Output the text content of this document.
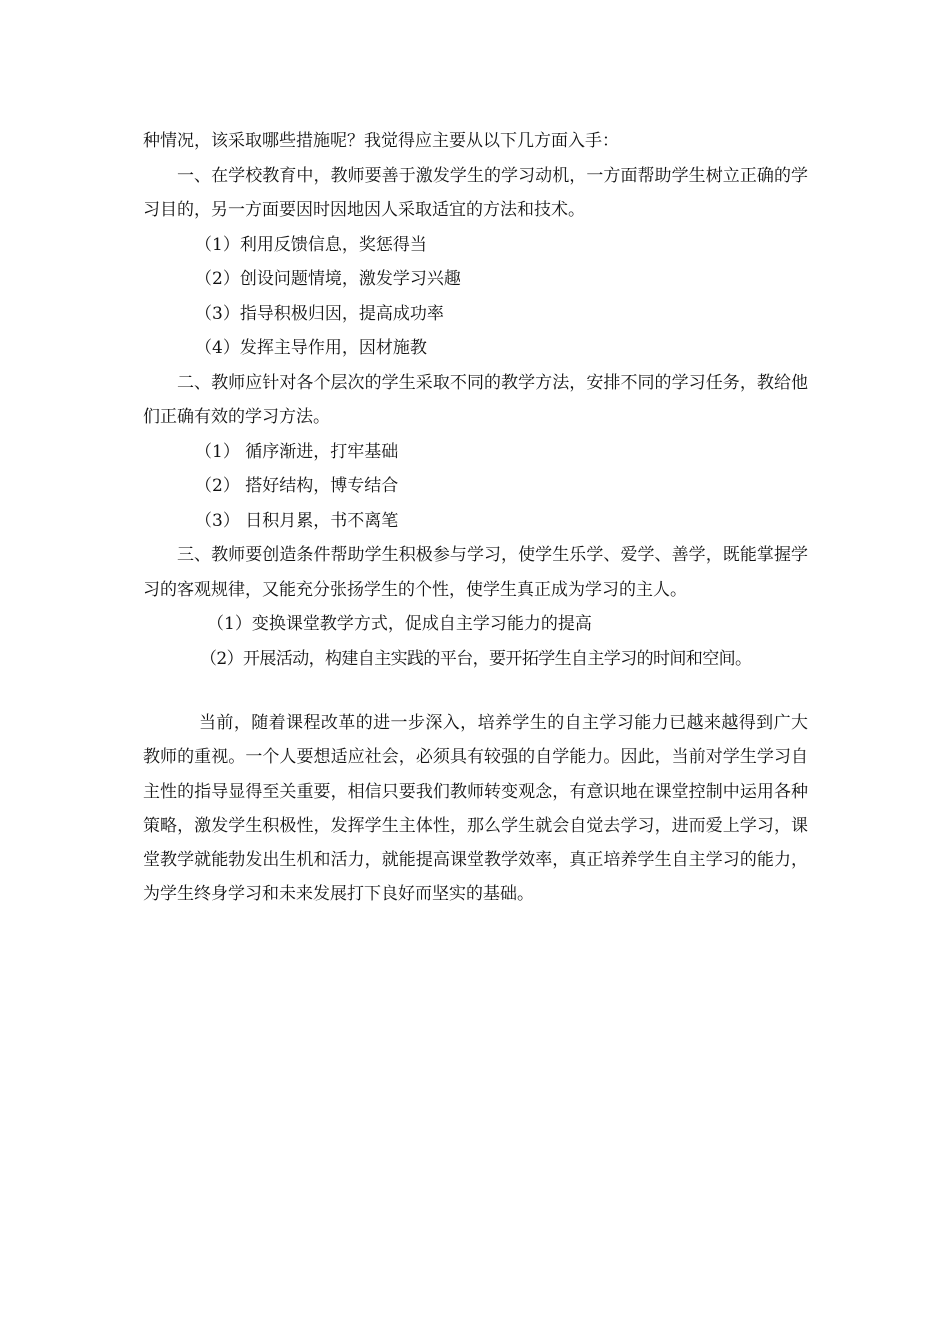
种情况，该采取哪些措施呢？我觉得应主要从以下几方面入手：
一、在学校教育中，教师要善于激发学生的学习动机，一方面帮助学生树立正确的学习目的，另一方面要因时因地因人采取适宜的方法和技术。
（1）利用反馈信息，奖惩得当
（2）创设问题情境，激发学习兴趣
（3）指导积极归因，提高成功率
（4）发挥主导作用，因材施教
二、教师应针对各个层次的学生采取不同的教学方法，安排不同的学习任务，教给他们正确有效的学习方法。
（1） 循序渐进，打牢基础
（2） 搭好结构，博专结合
（3） 日积月累，书不离笔
三、教师要创造条件帮助学生积极参与学习，使学生乐学、爱学、善学，既能掌握学习的客观规律，又能充分张扬学生的个性，使学生真正成为学习的主人。
（1）变换课堂教学方式，促成自主学习能力的提高
（2）开展活动，构建自主实践的平台，要开拓学生自主学习的时间和空间。
当前，随着课程改革的进一步深入，培养学生的自主学习能力已越来越得到广大教师的重视。一个人要想适应社会，必须具有较强的自学能力。因此，当前对学生学习自主性的指导显得至关重要，相信只要我们教师转变观念，有意识地在课堂控制中运用各种策略，激发学生积极性，发挥学生主体性，那么学生就会自觉去学习，进而爱上学习，课堂教学就能勃发出生机和活力，就能提高课堂教学效率，真正培养学生自主学习的能力，为学生终身学习和未来发展打下良好而坚实的基础。
